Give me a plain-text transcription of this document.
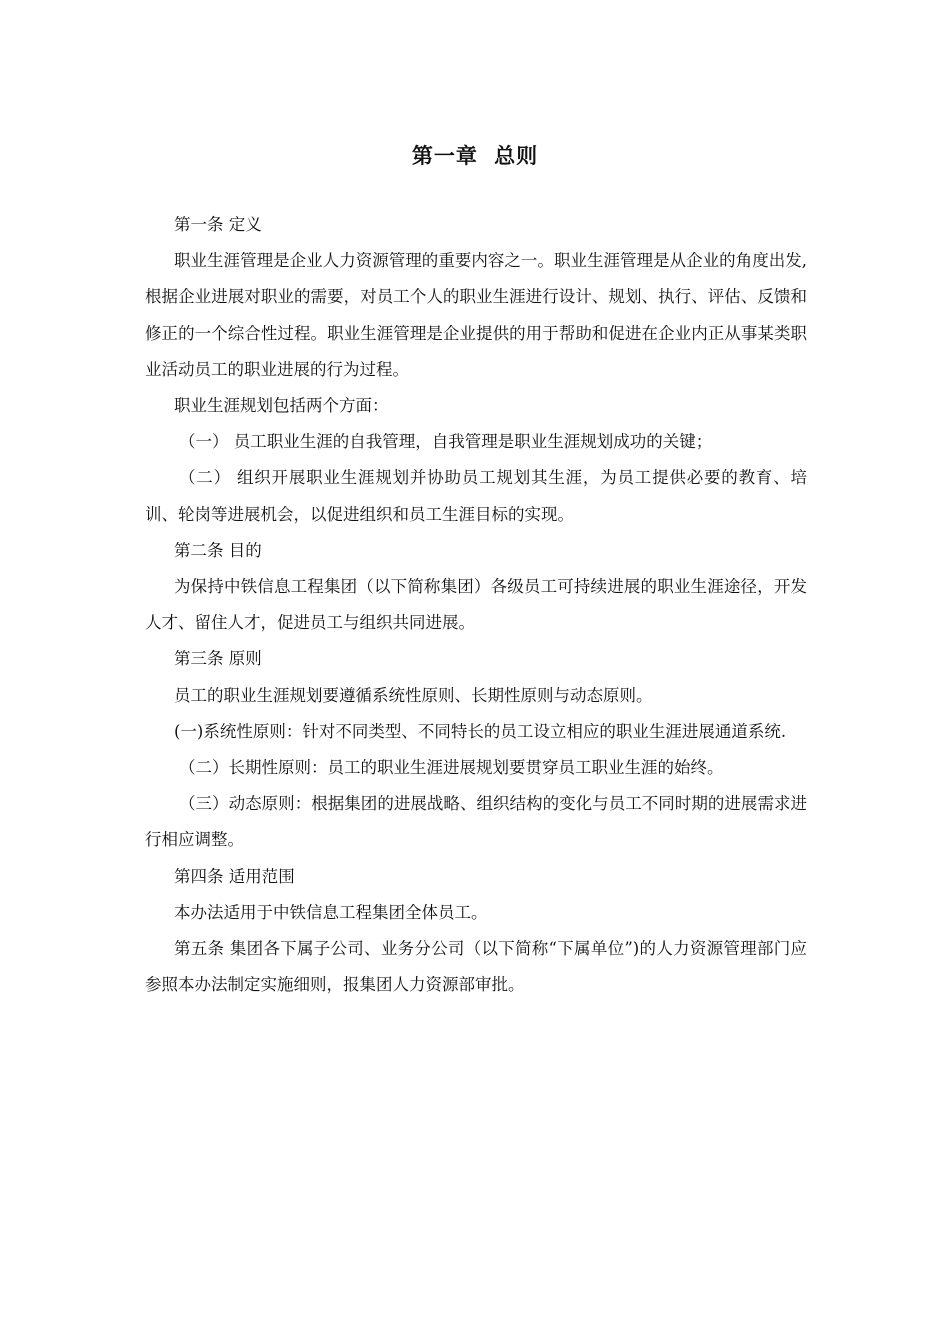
第一章 总则

第一条 定义

职业生涯管理是企业人力资源管理的重要内容之一。职业生涯管理是从企业的角度出发,根据企业进展对职业的需要，对员工个人的职业生涯进行设计、规划、执行、评估、反馈和修正的一个综合性过程。职业生涯管理是企业提供的用于帮助和促进在企业内正从事某类职业活动员工的职业进展的行为过程。

职业生涯规划包括两个方面：

（一） 员工职业生涯的自我管理，自我管理是职业生涯规划成功的关键；

（二） 组织开展职业生涯规划并协助员工规划其生涯，为员工提供必要的教育、培训、轮岗等进展机会，以促进组织和员工生涯目标的实现。

第二条 目的

为保持中铁信息工程集团（以下简称集团）各级员工可持续进展的职业生涯途径，开发人才、留住人才，促进员工与组织共同进展。

第三条 原则

员工的职业生涯规划要遵循系统性原则、长期性原则与动态原则。

(一)系统性原则：针对不同类型、不同特长的员工设立相应的职业生涯进展通道系统.

（二）长期性原则：员工的职业生涯进展规划要贯穿员工职业生涯的始终。

（三）动态原则：根据集团的进展战略、组织结构的变化与员工不同时期的进展需求进行相应调整。

第四条 适用范围

本办法适用于中铁信息工程集团全体员工。

第五条 集团各下属子公司、业务分公司（以下简称“下属单位”)的人力资源管理部门应参照本办法制定实施细则，报集团人力资源部审批。
